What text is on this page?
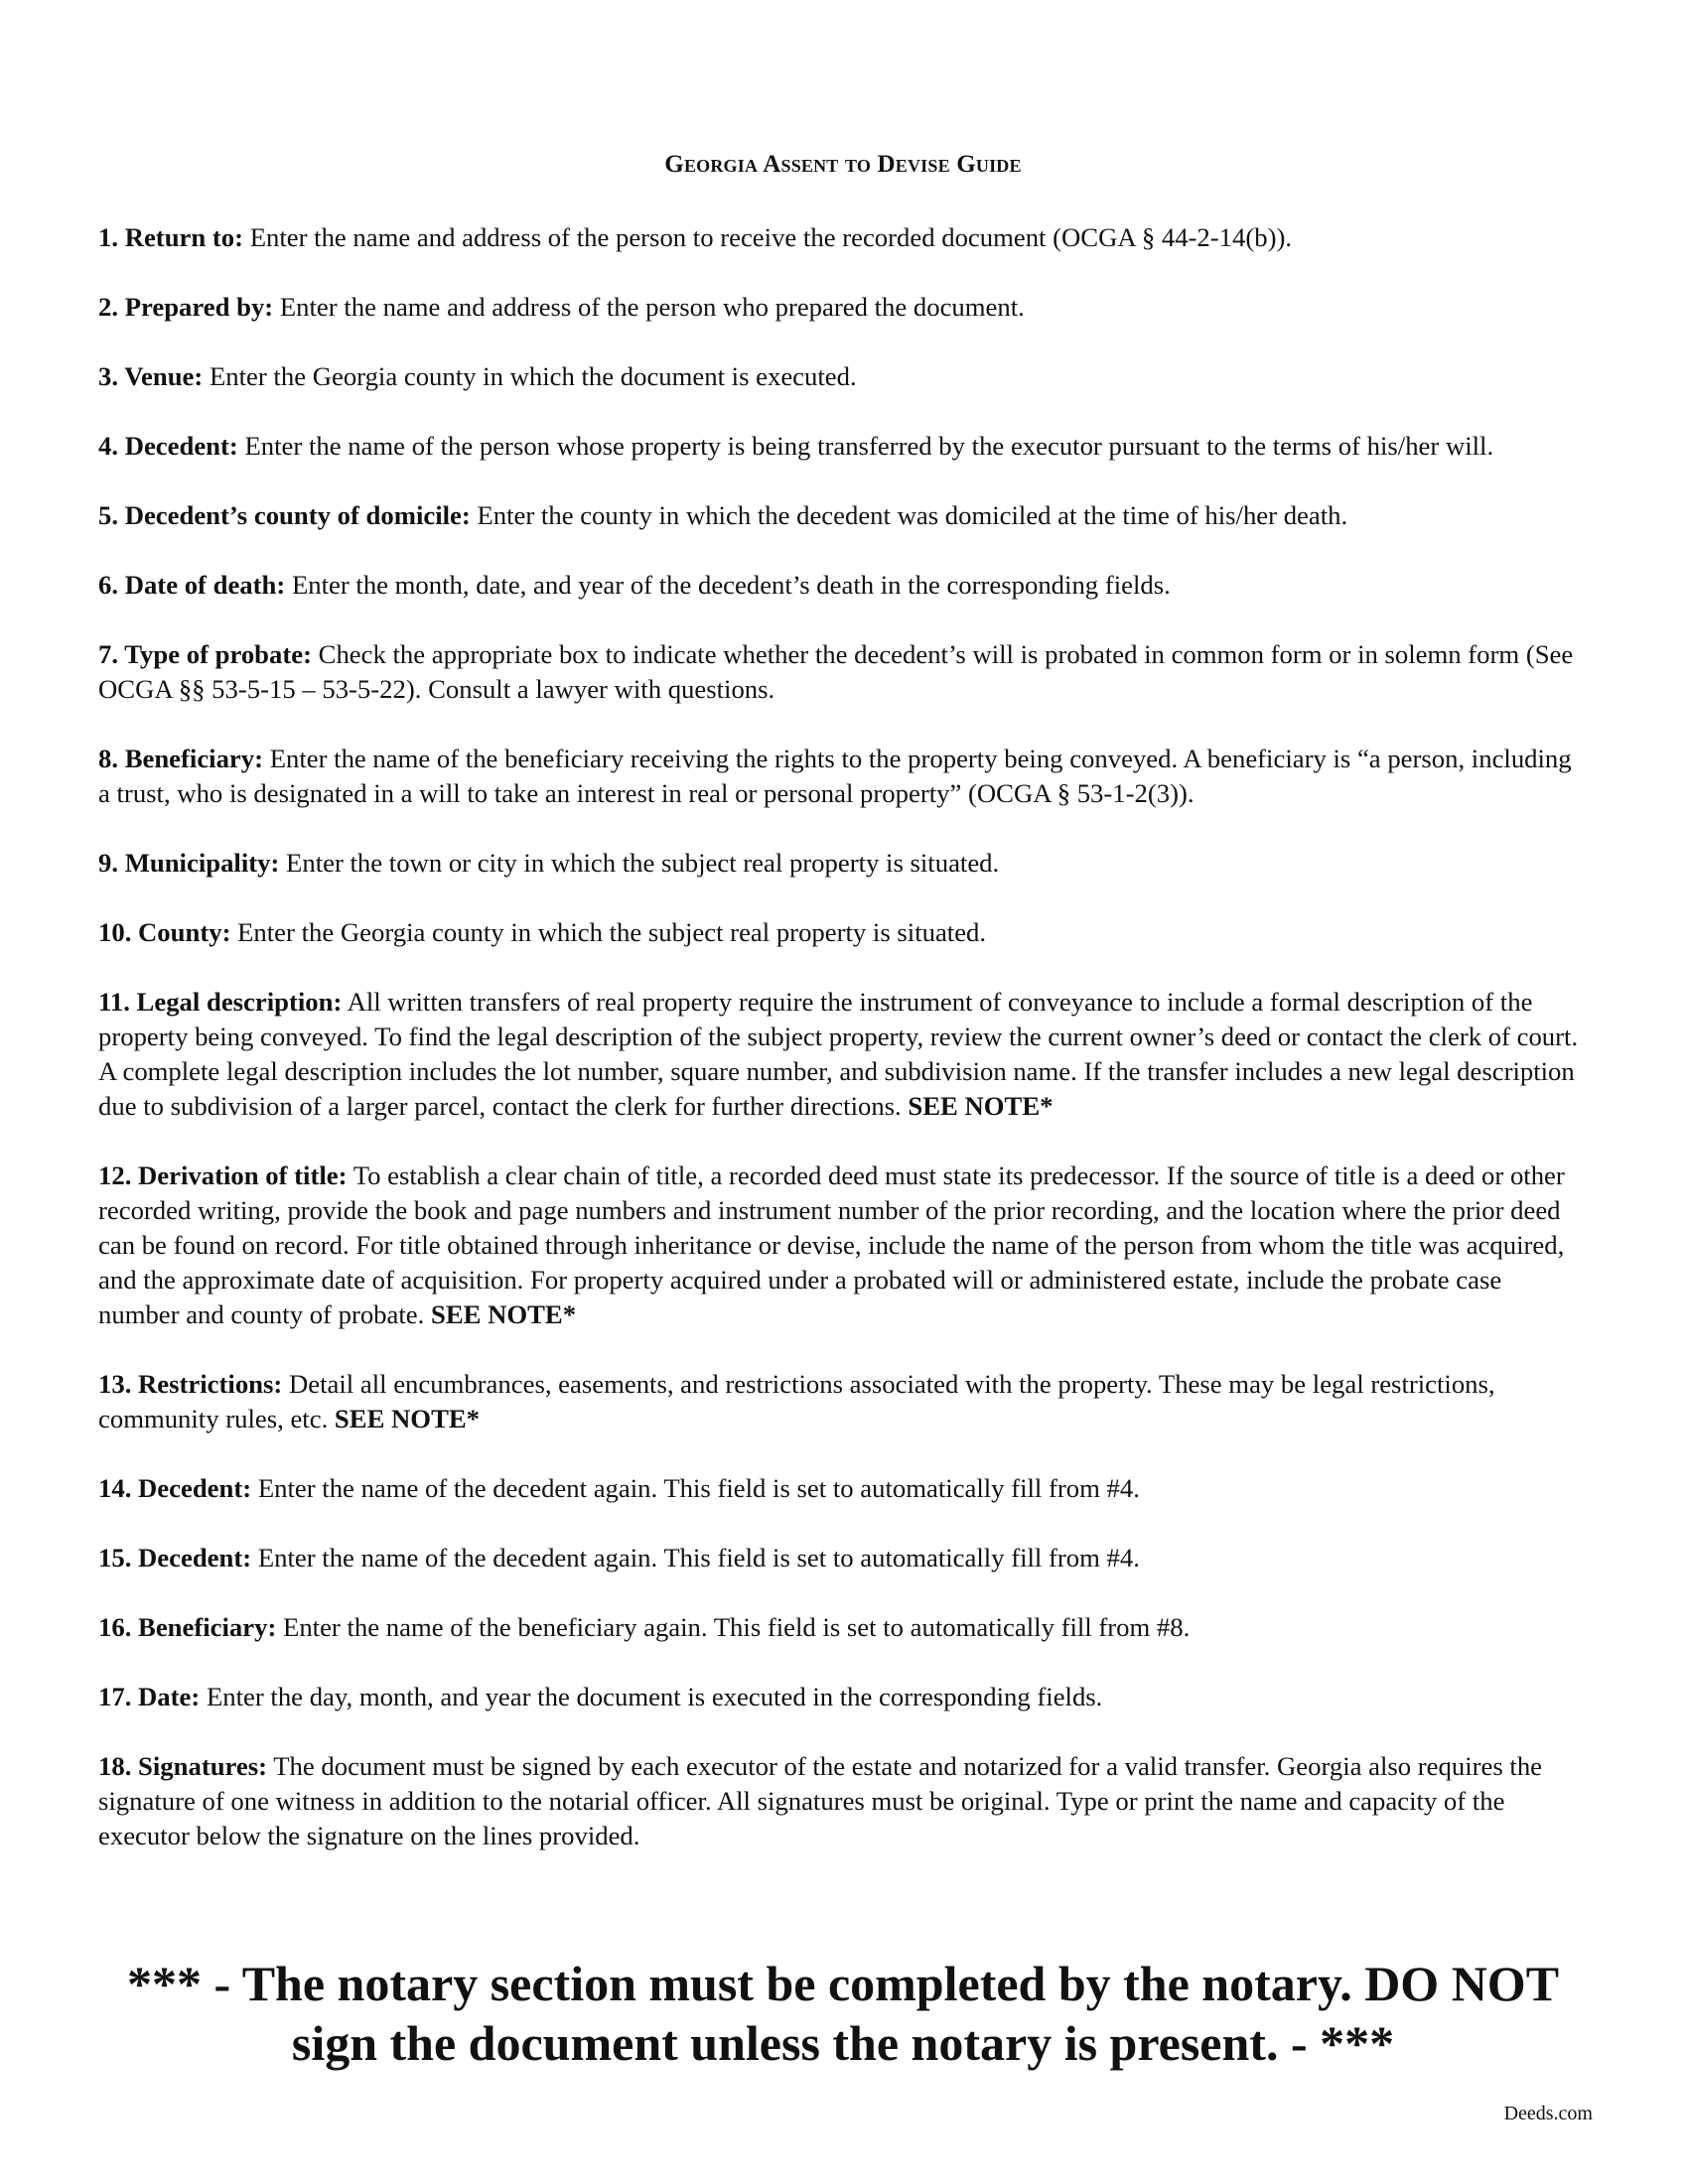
Georgia Assent to Devise Guide

1. Return to: Enter the name and address of the person to receive the recorded document (OCGA § 44-2-14(b)).

2. Prepared by: Enter the name and address of the person who prepared the document.

3. Venue: Enter the Georgia county in which the document is executed.

4. Decedent: Enter the name of the person whose property is being transferred by the executor pursuant to the terms of his/her will.

5. Decedent’s county of domicile: Enter the county in which the decedent was domiciled at the time of his/her death.

6. Date of death: Enter the month, date, and year of the decedent’s death in the corresponding fields.

7. Type of probate: Check the appropriate box to indicate whether the decedent’s will is probated in common form or in solemn form (See OCGA §§ 53-5-15 – 53-5-22). Consult a lawyer with questions.

8. Beneficiary: Enter the name of the beneficiary receiving the rights to the property being conveyed. A beneficiary is “a person, including a trust, who is designated in a will to take an interest in real or personal property” (OCGA § 53-1-2(3)).

9. Municipality: Enter the town or city in which the subject real property is situated.

10. County: Enter the Georgia county in which the subject real property is situated.

11. Legal description: All written transfers of real property require the instrument of conveyance to include a formal description of the property being conveyed. To find the legal description of the subject property, review the current owner’s deed or contact the clerk of court. A complete legal description includes the lot number, square number, and subdivision name. If the transfer includes a new legal description due to subdivision of a larger parcel, contact the clerk for further directions. SEE NOTE*

12. Derivation of title: To establish a clear chain of title, a recorded deed must state its predecessor. If the source of title is a deed or other recorded writing, provide the book and page numbers and instrument number of the prior recording, and the location where the prior deed can be found on record. For title obtained through inheritance or devise, include the name of the person from whom the title was acquired, and the approximate date of acquisition. For property acquired under a probated will or administered estate, include the probate case number and county of probate. SEE NOTE*

13. Restrictions: Detail all encumbrances, easements, and restrictions associated with the property. These may be legal restrictions, community rules, etc. SEE NOTE*

14. Decedent: Enter the name of the decedent again. This field is set to automatically fill from #4.

15. Decedent: Enter the name of the decedent again. This field is set to automatically fill from #4.

16. Beneficiary: Enter the name of the beneficiary again. This field is set to automatically fill from #8.

17. Date: Enter the day, month, and year the document is executed in the corresponding fields.

18. Signatures: The document must be signed by each executor of the estate and notarized for a valid transfer. Georgia also requires the signature of one witness in addition to the notarial officer. All signatures must be original. Type or print the name and capacity of the executor below the signature on the lines provided.

*** - The notary section must be completed by the notary. DO NOT
sign the document unless the notary is present. - ***

Deeds.com
